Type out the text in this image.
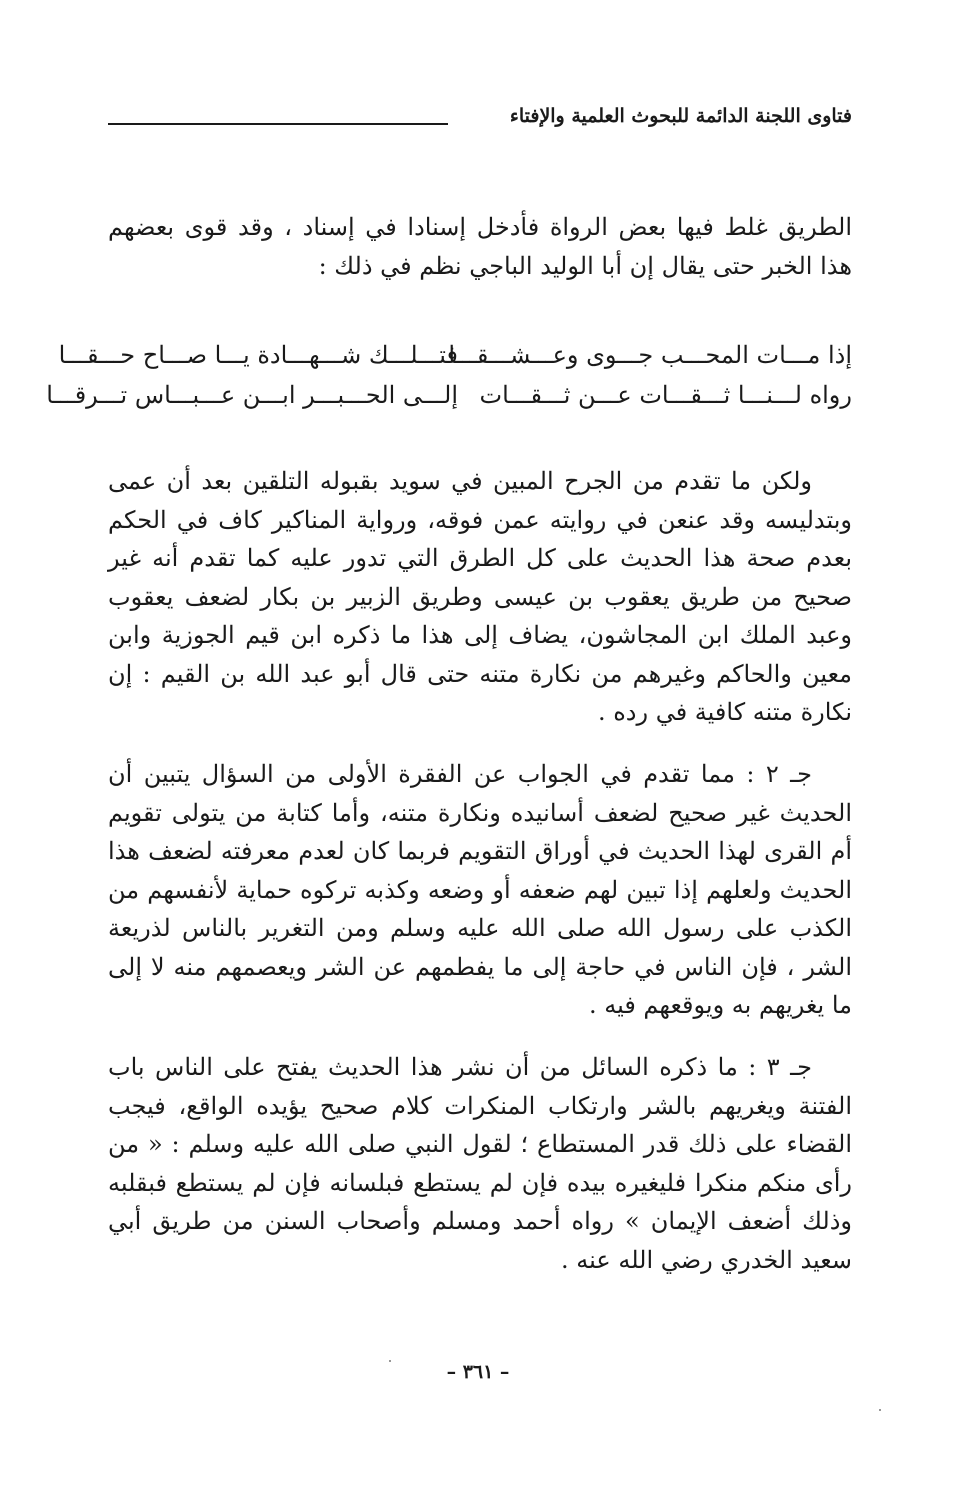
فتاوى اللجنة الدائمة للبحوث العلمية والإفتاء

الطريق غلط فيها بعض الرواة فأدخل إسنادا في إسناد ، وقد قوى بعضهم هذا الخبر حتى يقال إن أبا الوليد الباجي نظم في ذلك :

إذا مـــات المحـــب جـــوى وعـــشـــقـــا
فتـــلـــك شـــهـــادة يـــا صـــاح حـــقـــا
رواه لـــنـــا ثـــقـــات عـــن ثـــقـــات
إلـــى الحـــبـــر ابـــن عـــبـــاس تـــرقـــا

ولكن ما تقدم من الجرح المبين في سويد بقبوله التلقين بعد أن عمى وبتدليسه وقد عنعن في روايته عمن فوقه، ورواية المناكير كاف في الحكم بعدم صحة هذا الحديث على كل الطرق التي تدور عليه كما تقدم أنه غير صحيح من طريق يعقوب بن عيسى وطريق الزبير بن بكار لضعف يعقوب وعبد الملك ابن المجاشون، يضاف إلى هذا ما ذكره ابن قيم الجوزية وابن معين والحاكم وغيرهم من نكارة متنه حتى قال أبو عبد الله بن القيم : إن نكارة متنه كافية في رده .

جـ ٢ : مما تقدم في الجواب عن الفقرة الأولى من السؤال يتبين أن الحديث غير صحيح لضعف أسانيده ونكارة متنه، وأما كتابة من يتولى تقويم أم القرى لهذا الحديث في أوراق التقويم فربما كان لعدم معرفته لضعف هذا الحديث ولعلهم إذا تبين لهم ضعفه أو وضعه وكذبه تركوه حماية لأنفسهم من الكذب على رسول الله صلى الله عليه وسلم ومن التغرير بالناس لذريعة الشر ، فإن الناس في حاجة إلى ما يفطمهم عن الشر ويعصمهم منه لا إلى ما يغريهم به ويوقعهم فيه .

جـ ٣ : ما ذكره السائل من أن نشر هذا الحديث يفتح على الناس باب الفتنة ويغريهم بالشر وارتكاب المنكرات كلام صحيح يؤيده الواقع، فيجب القضاء على ذلك قدر المستطاع ؛ لقول النبي صلى الله عليه وسلم : « من رأى منكم منكرا فليغيره بيده فإن لم يستطع فبلسانه فإن لم يستطع فبقلبه وذلك أضعف الإيمان » رواه أحمد ومسلم وأصحاب السنن من طريق أبي سعيد الخدري رضي الله عنه .

– ٣٦١ –
